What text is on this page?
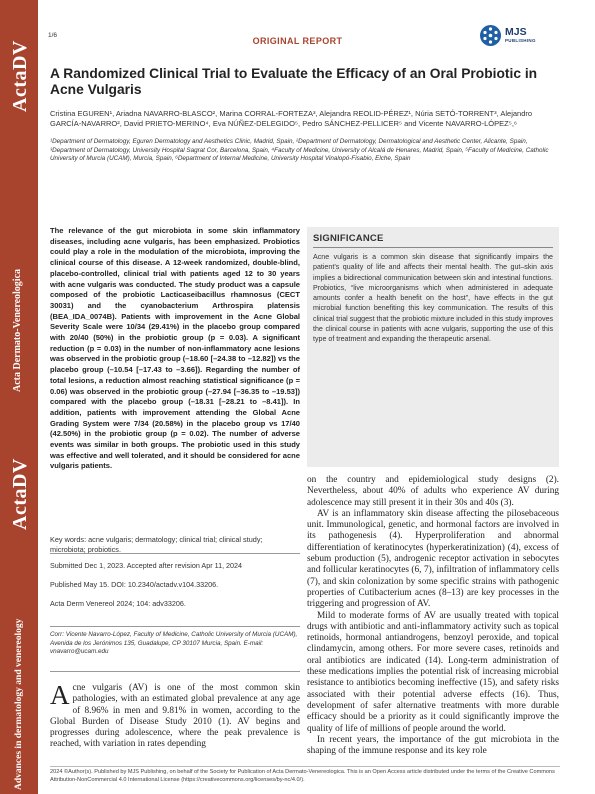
ActaDV
Acta Dermato-Venereologica
ActaDV
Advances in dermatology and venereology
1/6
ORIGINAL REPORT
MJS
PUBLISHING
A Randomized Clinical Trial to Evaluate the Efficacy of an Oral Probiotic in Acne Vulgaris
Cristina EGUREN¹, Ariadna NAVARRO-BLASCO², Marina CORRAL-FORTEZA³, Alejandra REOLID-PÉREZ¹, Núria SETÓ-TORRENT³, Alejandro GARCÍA-NAVARRO², David PRIETO-MERINO⁴, Eva NÚÑEZ-DELEGIDO⁵, Pedro SÁNCHEZ-PELLICER⁵ and Vicente NAVARRO-LÓPEZ⁵,⁶
¹Department of Dermatology, Eguren Dermatology and Aesthetics Clinic, Madrid, Spain, ²Department of Dermatology, Dermatological and Aesthetic Center, Alicante, Spain, ³Department of Dermatology, University Hospital Sagrat Cor, Barcelona, Spain, ⁴Faculty of Medicine, University of Alcalá de Henares, Madrid, Spain, ⁵Faculty of Medicine, Catholic University of Murcia (UCAM), Murcia, Spain, ⁶Department of Internal Medicine, University Hospital Vinalopó-Fisabio, Elche, Spain
The relevance of the gut microbiota in some skin inflammatory diseases, including acne vulgaris, has been emphasized. Probiotics could play a role in the modulation of the microbiota, improving the clinical course of this disease. A 12-week randomized, double-blind, placebo-controlled, clinical trial with patients aged 12 to 30 years with acne vulgaris was conducted. The study product was a capsule composed of the probiotic Lacticaseibacillus rhamnosus (CECT 30031) and the cyanobacterium Arthrospira platensis (BEA_IDA_0074B). Patients with improvement in the Acne Global Severity Scale were 10/34 (29.41%) in the placebo group compared with 20/40 (50%) in the probiotic group (p = 0.03). A significant reduction (p = 0.03) in the number of non-inflammatory acne lesions was observed in the probiotic group (–18.60 [–24.38 to –12.82]) vs the placebo group (–10.54 [–17.43 to –3.66]). Regarding the number of total lesions, a reduction almost reaching statistical significance (p = 0.06) was observed in the probiotic group (–27.94 [–36.35 to –19.53]) compared with the placebo group (–18.31 [–28.21 to –8.41]). In addition, patients with improvement attending the Global Acne Grading System were 7/34 (20.58%) in the placebo group vs 17/40 (42.50%) in the probiotic group (p = 0.02). The number of adverse events was similar in both groups. The probiotic used in this study was effective and well tolerated, and it should be considered for acne vulgaris patients.
Key words: acne vulgaris; dermatology; clinical trial; clinical study; microbiota; probiotics.
Submitted Dec 1, 2023. Accepted after revision Apr 11, 2024
Published May 15. DOI: 10.2340/actadv.v104.33206.
Acta Derm Venereol 2024; 104: adv33206.
Corr: Vicente Navarro-López, Faculty of Medicine, Catholic University of Murcia (UCAM), Avenida de los Jerónimos 135, Guadalupe, CP 30107 Murcia, Spain. E-mail: vnavarro@ucam.edu
Acne vulgaris (AV) is one of the most common skin pathologies, with an estimated global prevalence at any age of 8.96% in men and 9.81% in women, according to the Global Burden of Disease Study 2010 (1). AV begins and progresses during adolescence, where the peak prevalence is reached, with variation in rates depending
SIGNIFICANCE
Acne vulgaris is a common skin disease that significantly impairs the patient’s quality of life and affects their mental health. The gut–skin axis implies a bidirectional communication between skin and intestinal functions. Probiotics, “live microorganisms which when administered in adequate amounts confer a health benefit on the host”, have effects in the gut microbial function benefiting this key communication. The results of this clinical trial suggest that the probiotic mixture included in this study improves the clinical course in patients with acne vulgaris, supporting the use of this type of treatment and expanding the therapeutic arsenal.

on the country and epidemiological study designs (2). Nevertheless, about 40% of adults who experience AV during adolescence may still present it in their 30s and 40s (3).

AV is an inflammatory skin disease affecting the pilosebaceous unit. Immunological, genetic, and hormonal factors are involved in its pathogenesis (4). Hyperproliferation and abnormal differentiation of keratinocytes (hyperkeratinization) (4), excess of sebum production (5), androgenic receptor activation in sebocytes and follicular keratinocytes (6, 7), infiltration of inflammatory cells (7), and skin colonization by some specific strains with pathogenic properties of Cutibacterium acnes (8–13) are key processes in the triggering and progression of AV.

Mild to moderate forms of AV are usually treated with topical drugs with antibiotic and anti-inflammatory activity such as topical retinoids, hormonal antiandrogens, benzoyl peroxide, and topical clindamycin, among others. For more severe cases, retinoids and oral antibiotics are indicated (14). Long-term administration of these medications implies the potential risk of increasing microbial resistance to antibiotics becoming ineffective (15), and safety risks associated with their potential adverse effects (16). Thus, development of safer alternative treatments with more durable efficacy should be a priority as it could significantly improve the quality of life of millions of people around the world.

In recent years, the importance of the gut microbiota in the shaping of the immune response and its key role

2024 ©Author(s). Published by MJS Publishing, on behalf of the Society for Publication of Acta Dermato-Venereologica. This is an Open Access article distributed under the terms of the Creative Commons Attribution-NonCommercial 4.0 International License (https://creativecommons.org/licenses/by-nc/4.0/).
